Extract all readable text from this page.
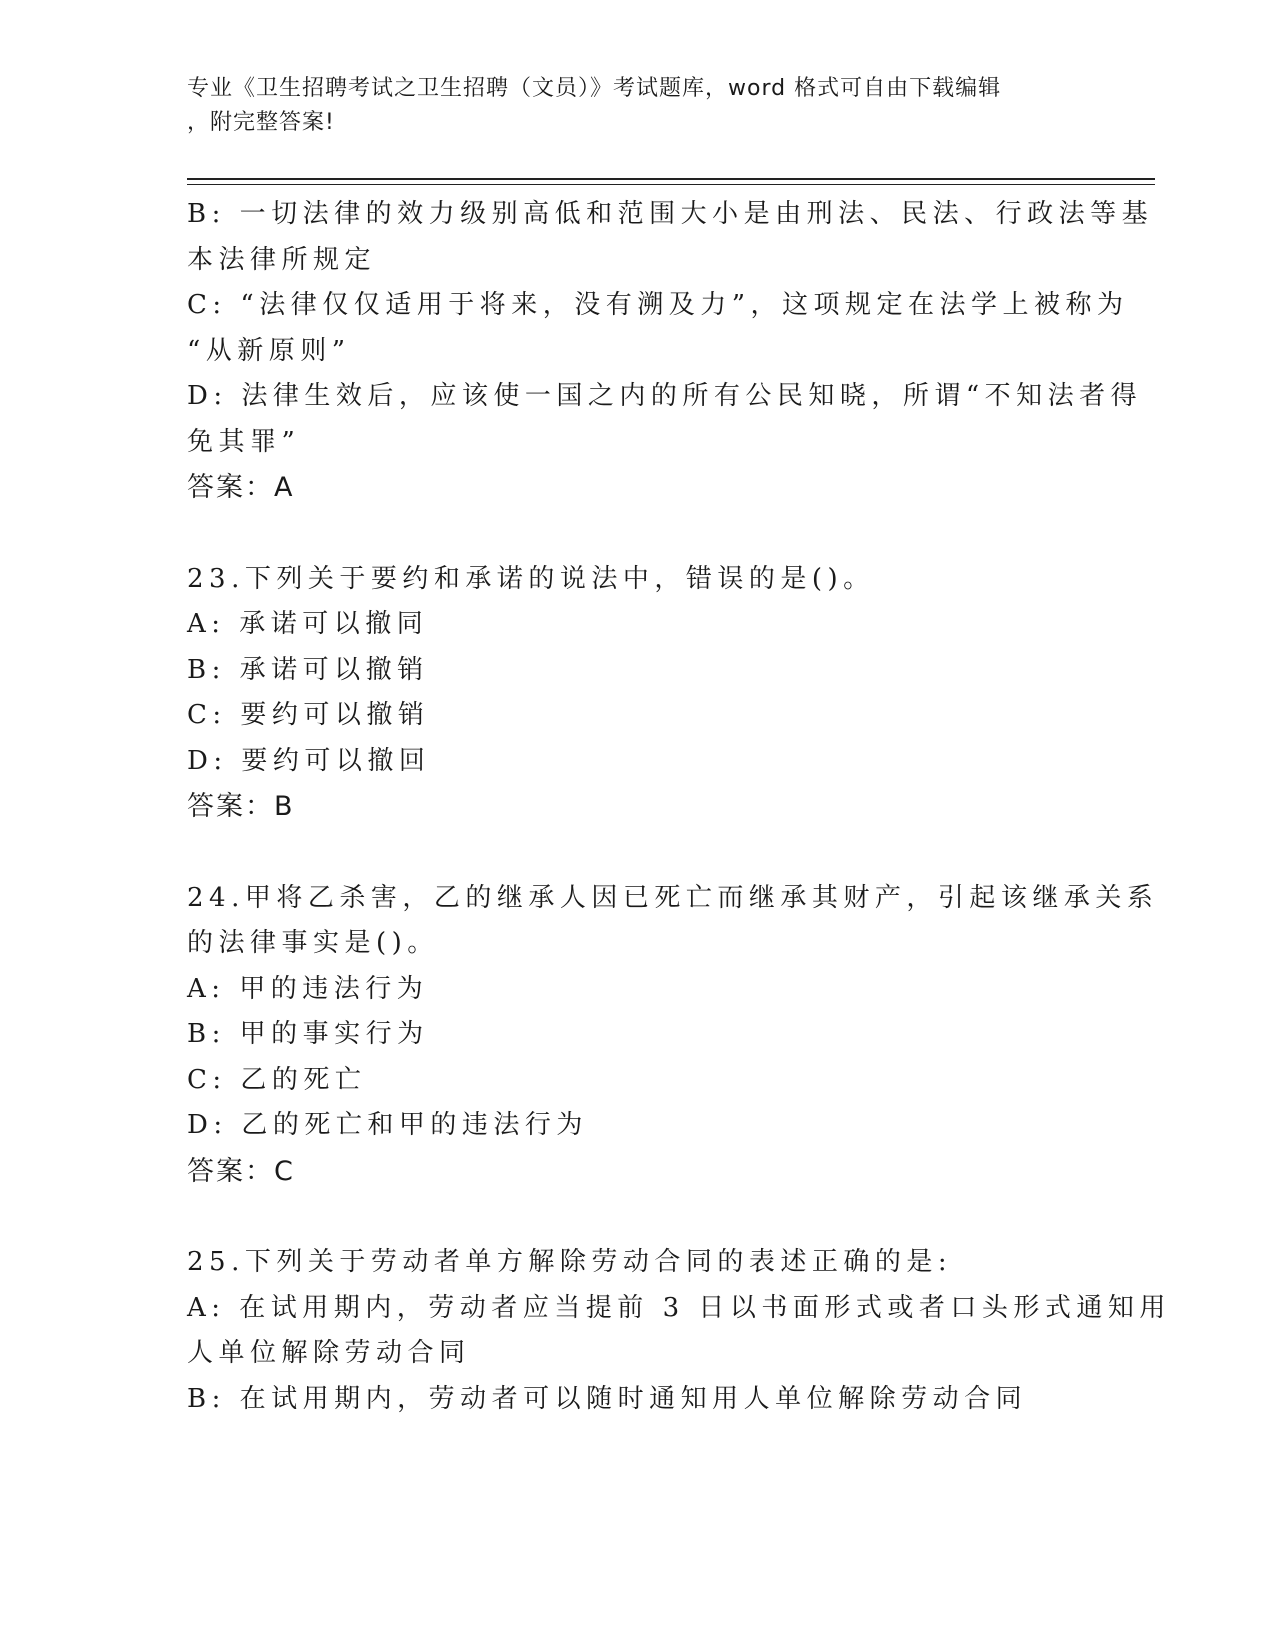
专业《卫生招聘考试之卫生招聘（文员）》考试题库，word 格式可自由下载编辑
，附完整答案!
B: 一切法律的效力级别高低和范围大小是由刑法、民法、行政法等基
本法律所规定
C: “法律仅仅适用于将来，没有溯及力”，这项规定在法学上被称为
“从新原则”
D: 法律生效后，应该使一国之内的所有公民知晓，所谓“不知法者得
免其罪”
答案：A
23.下列关于要约和承诺的说法中，错误的是()。
A: 承诺可以撤同
B: 承诺可以撤销
C: 要约可以撤销
D: 要约可以撤回
答案：B
24.甲将乙杀害，乙的继承人因已死亡而继承其财产，引起该继承关系
的法律事实是()。
A: 甲的违法行为
B: 甲的事实行为
C: 乙的死亡
D: 乙的死亡和甲的违法行为
答案：C
25.下列关于劳动者单方解除劳动合同的表述正确的是:
A: 在试用期内，劳动者应当提前 3 日以书面形式或者口头形式通知用
人单位解除劳动合同
B: 在试用期内，劳动者可以随时通知用人单位解除劳动合同
